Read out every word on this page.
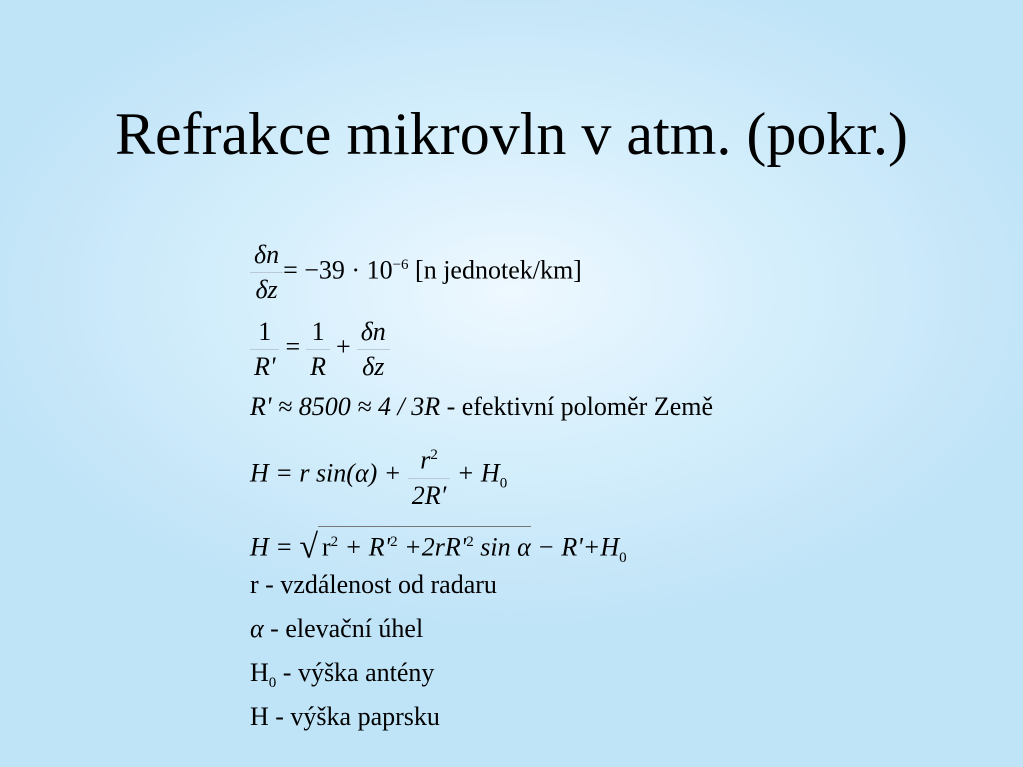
Refrakce mikrovln v atm. (pokr.)
$\frac{\delta n}{\delta z} = -39 \cdot 10^{-6}$ [n jednotek/km]
$\frac{1}{R'} = \frac{1}{R} + \frac{\delta n}{\delta z}$
R' ≈ 8500 ≈ 4 / 3R - efektivní poloměr Země
H = r $\sin(\alpha) + \frac{r^2}{2R'} + H_0$
H = √ $r^2 + R'^2 +2rR'^2$ $\sin \alpha - R'+H_0$
r - vzdálenost od radaru
α - elevační úhel
$H_0$ - výška antény
H - výška paprsku
